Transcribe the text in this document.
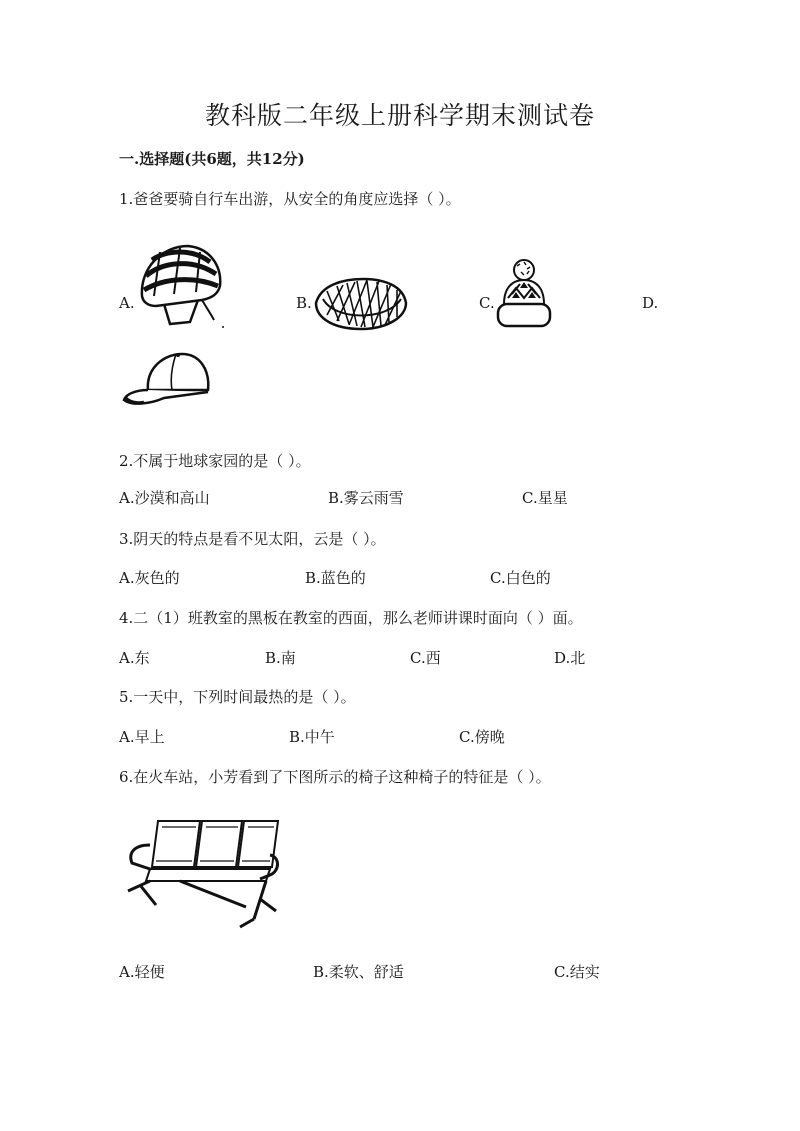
教科版二年级上册科学期末测试卷
一.选择题(共6题，共12分)
1.爸爸要骑自行车出游，从安全的角度应选择（ ）。
A.	B.	C.	D.
2.不属于地球家园的是（ ）。
A.沙漠和高山	B.雾云雨雪	C.星星
3.阴天的特点是看不见太阳，云是（ ）。
A.灰色的	B.蓝色的	C.白色的
4.二（1）班教室的黑板在教室的西面，那么老师讲课时面向（ ）面。
A.东	B.南	C.西	D.北
5.一天中，下列时间最热的是（ ）。
A.早上	B.中午	C.傍晚
6.在火车站，小芳看到了下图所示的椅子这种椅子的特征是（ ）。
A.轻便	B.柔软、舒适	C.结实
